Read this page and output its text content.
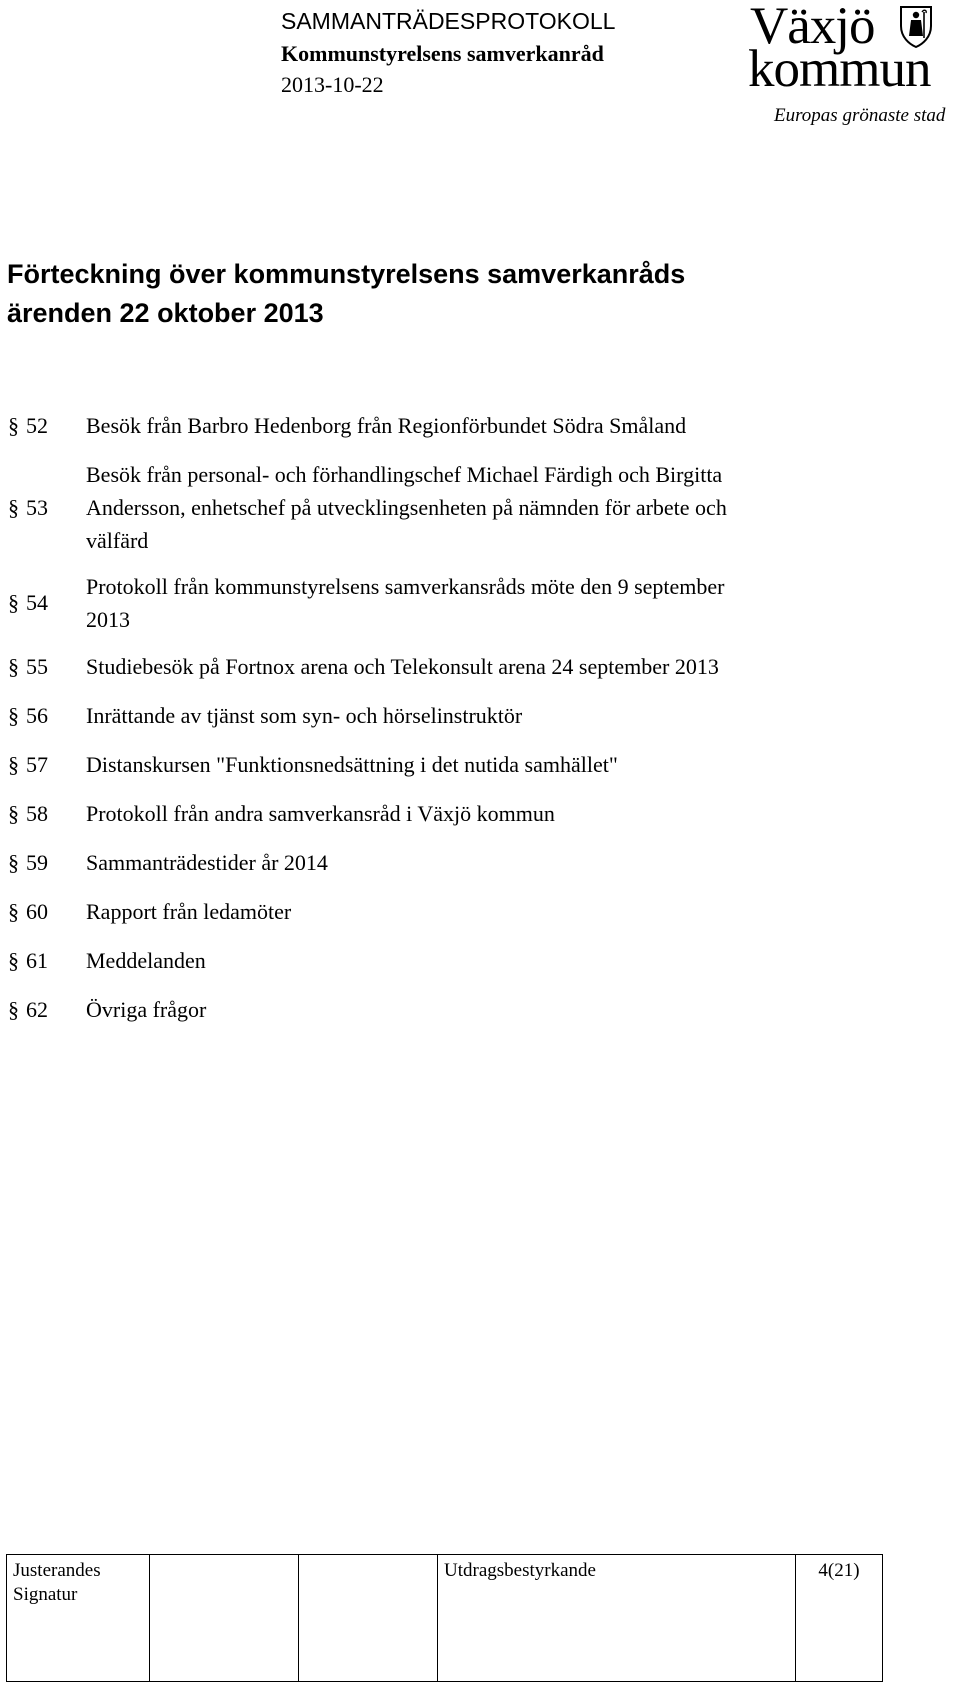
SAMMANTRÄDESPROTOKOLL
Kommunstyrelsens samverkanråd
2013-10-22
Växjö
kommun
Europas grönaste stad
Förteckning över kommunstyrelsens samverkanråds
ärenden 22 oktober 2013
§ 52 Besök från Barbro Hedenborg från Regionförbundet Södra Småland
§ 53
Besök från personal- och förhandlingschef Michael Färdigh och Birgitta
Andersson, enhetschef på utvecklingsenheten på nämnden för arbete och
välfärd
§ 54
Protokoll från kommunstyrelsens samverkansråds möte den 9 september
2013
§ 55 Studiebesök på Fortnox arena och Telekonsult arena 24 september 2013
§ 56 Inrättande av tjänst som syn- och hörselinstruktör
§ 57 Distanskursen "Funktionsnedsättning i det nutida samhället"
§ 58 Protokoll från andra samverkansråd i Växjö kommun
§ 59 Sammanträdestider år 2014
§ 60 Rapport från ledamöter
§ 61 Meddelanden
§ 62 Övriga frågor
Justerandes
Signatur

Utdragsbestyrkande	4(21)
